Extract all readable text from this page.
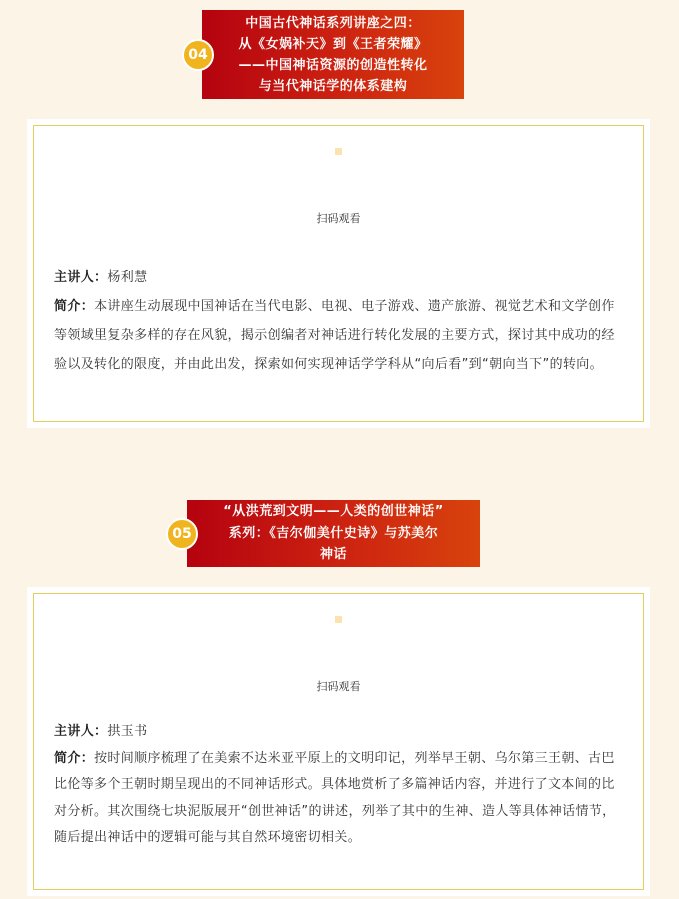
中国古代神话系列讲座之四：
从《女娲补天》到《王者荣耀》
——中国神话资源的创造性转化
与当代神话学的体系建构
04
扫码观看
主讲人：杨利慧
简介：本讲座生动展现中国神话在当代电影、电视、电子游戏、遗产旅游、视觉艺术和文学创作等领域里复杂多样的存在风貌，揭示创编者对神话进行转化发展的主要方式，探讨其中成功的经验以及转化的限度，并由此出发，探索如何实现神话学学科从“向后看”到“朝向当下”的转向。
“从洪荒到文明——人类的创世神话”
系列：《吉尔伽美什史诗》与苏美尔
神话
05
扫码观看
主讲人：拱玉书
简介：按时间顺序梳理了在美索不达米亚平原上的文明印记，列举早王朝、乌尔第三王朝、古巴比伦等多个王朝时期呈现出的不同神话形式。具体地赏析了多篇神话内容，并进行了文本间的比对分析。其次围绕七块泥版展开“创世神话”的讲述，列举了其中的生神、造人等具体神话情节，随后提出神话中的逻辑可能与其自然环境密切相关。
